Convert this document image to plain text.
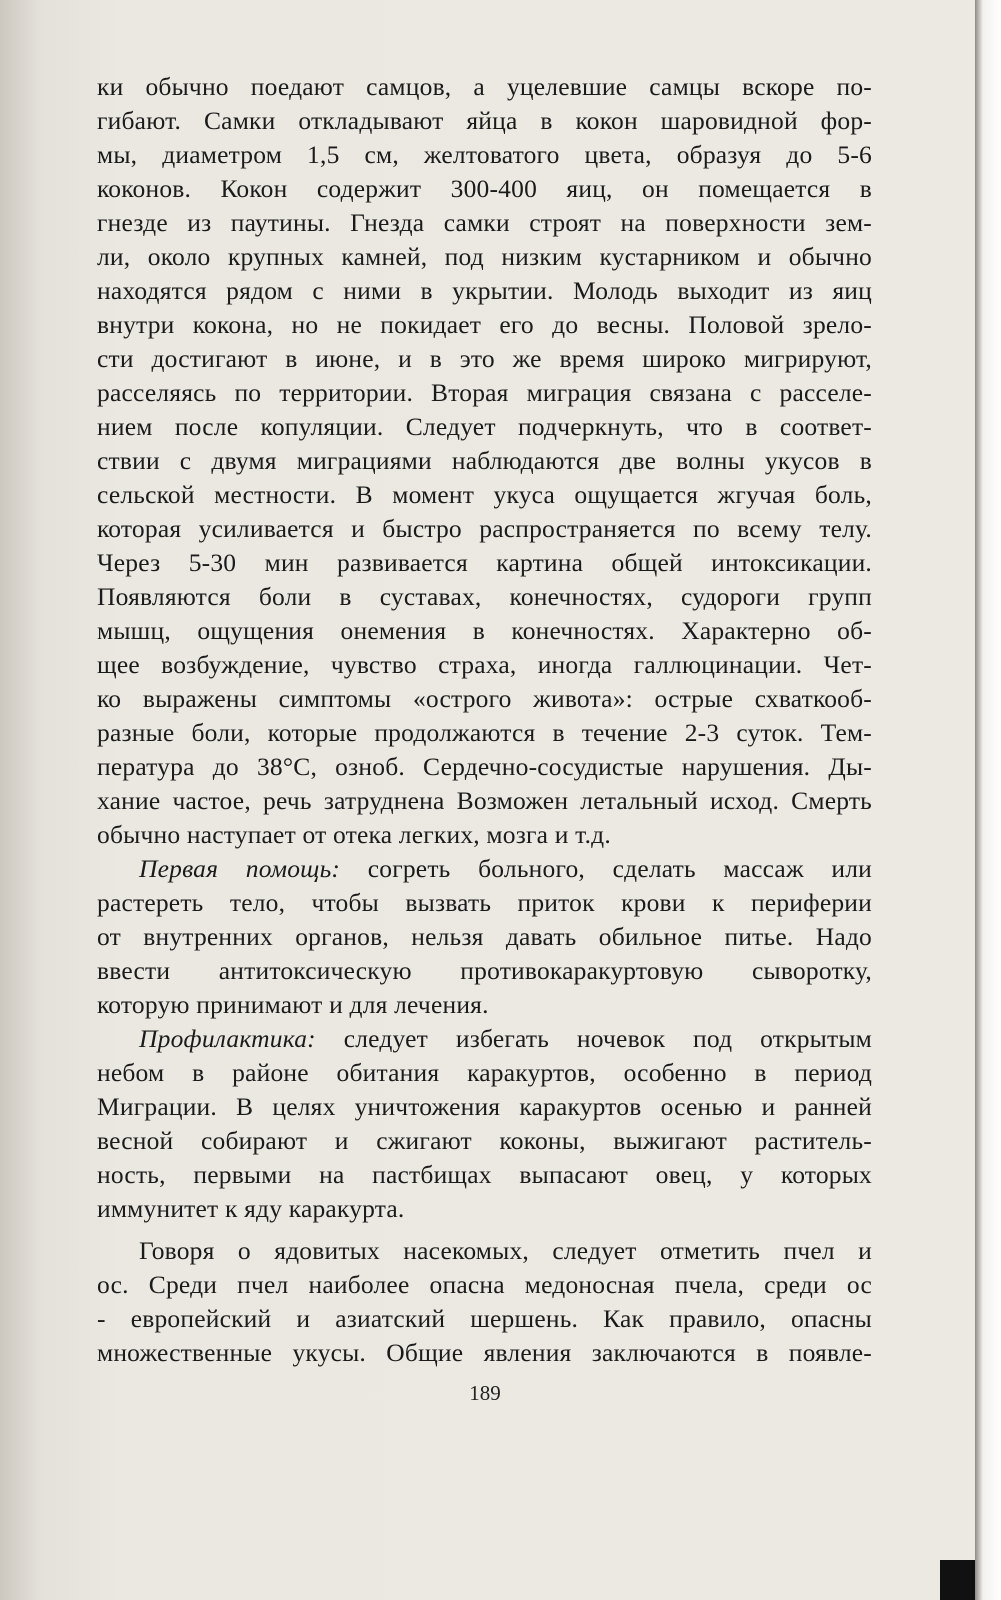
ки обычно поедают самцов, а уцелевшие самцы вскоре по-
гибают. Самки откладывают яйца в кокон шаровидной фор-
мы, диаметром 1,5 см, желтоватого цвета, образуя до 5-6
коконов. Кокон содержит 300-400 яиц, он помещается в
гнезде из паутины. Гнезда самки строят на поверхности зем-
ли, около крупных камней, под низким кустарником и обычно
находятся рядом с ними в укрытии. Молодь выходит из яиц
внутри кокона, но не покидает его до весны. Половой зрело-
сти достигают в июне, и в это же время широко мигрируют,
расселяясь по территории. Вторая миграция связана с расселе-
нием после копуляции. Следует подчеркнуть, что в соответ-
ствии с двумя миграциями наблюдаются две волны укусов в
сельской местности. В момент укуса ощущается жгучая боль,
которая усиливается и быстро распространяется по всему телу.
Через 5-30 мин развивается картина общей интоксикации.
Появляются боли в суставах, конечностях, судороги групп
мышц, ощущения онемения в конечностях. Характерно об-
щее возбуждение, чувство страха, иногда галлюцинации. Чет-
ко выражены симптомы «острого живота»: острые схваткооб-
разные боли, которые продолжаются в течение 2-3 суток. Тем-
пература до 38°С, озноб. Сердечно-сосудистые нарушения. Ды-
хание частое, речь затруднена Возможен летальный исход. Смерть
обычно наступает от отека легких, мозга и т.д.
Первая помощь: согреть больного, сделать массаж или
растереть тело, чтобы вызвать приток крови к периферии
от внутренних органов, нельзя давать обильное питье. Надо
ввести антитоксическую противокаракуртовую сыворотку,
которую принимают и для лечения.
Профилактика: следует избегать ночевок под открытым
небом в районе обитания каракуртов, особенно в период
Миграции. В целях уничтожения каракуртов осенью и ранней
весной собирают и сжигают коконы, выжигают раститель-
ность, первыми на пастбищах выпасают овец, у которых
иммунитет к яду каракурта.
Говоря о ядовитых насекомых, следует отметить пчел и
ос. Среди пчел наиболее опасна медоносная пчела, среди ос
- европейский и азиатский шершень. Как правило, опасны
множественные укусы. Общие явления заключаются в появле-
189
